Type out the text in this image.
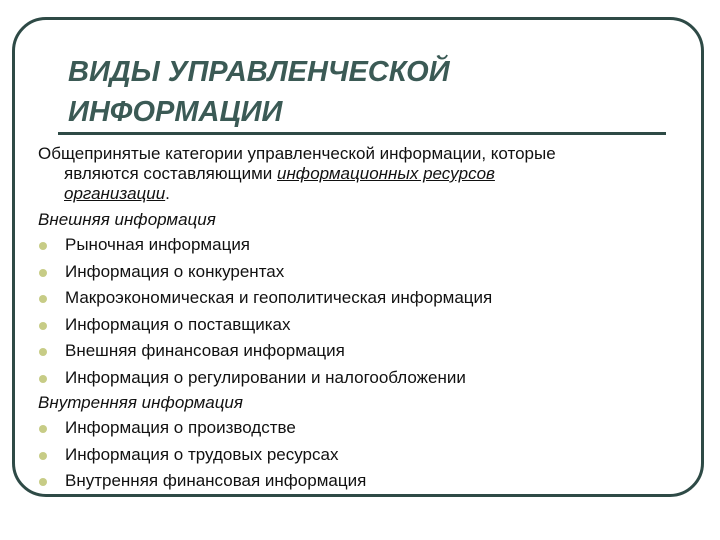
ВИДЫ УПРАВЛЕНЧЕСКОЙ
ИНФОРМАЦИИ

Общепринятые категории управленческой информации, которые
являются составляющими информационных ресурсов
организации.

Внешняя информация

Рыночная информация
Информация о конкурентах
Макроэкономическая и геополитическая информация
Информация о поставщиках
Внешняя финансовая информация
Информация о регулировании и налогообложении

Внутренняя информация

Информация о производстве
Информация о трудовых ресурсах
Внутренняя финансовая информация
